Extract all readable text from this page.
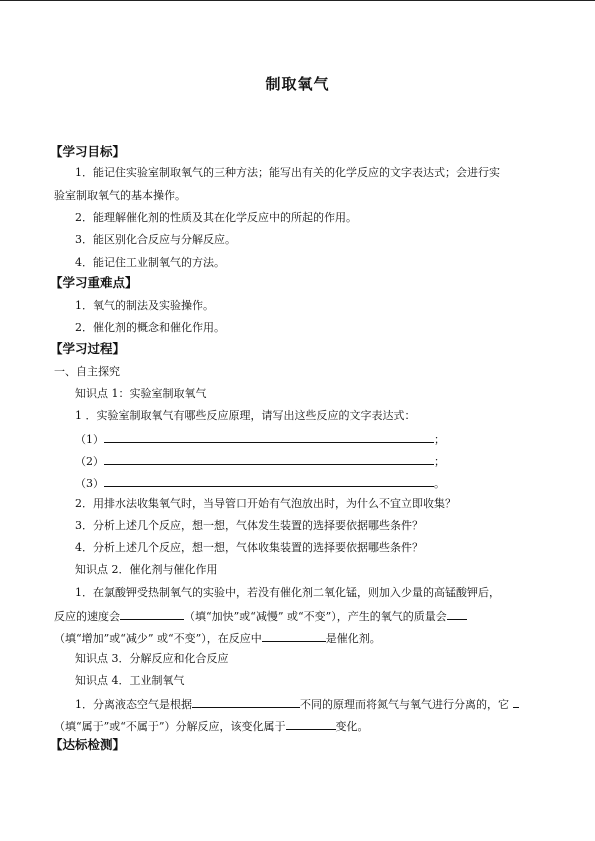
制取氧气
【学习目标】
1．能记住实验室制取氧气的三种方法；能写出有关的化学反应的文字表达式；会进行实
验室制取氧气的基本操作。
2．能理解催化剂的性质及其在化学反应中的所起的作用。
3．能区别化合反应与分解反应。
4．能记住工业制氧气的方法。
【学习重难点】
1．氧气的制法及实验操作。
2．催化剂的概念和催化作用。
【学习过程】
一、自主探究
知识点 1：实验室制取氧气
1 ．实验室制取氧气有哪些反应原理，请写出这些反应的文字表达式：
（1）	；
（2）	；
（3）	。
2．用排水法收集氧气时，当导管口开始有气泡放出时，为什么不宜立即收集？
3．分析上述几个反应，想一想，气体发生装置的选择要依据哪些条件？
4．分析上述几个反应，想一想，气体收集装置的选择要依据哪些条件？
知识点 2．催化剂与催化作用
1．在氯酸钾受热制氧气的实验中，若没有催化剂二氧化锰，则加入少量的高锰酸钾后，
反应的速度会	（填“加快”或“减慢” 或“不变”），产生的氧气的质量会
（填“增加”或“减少” 或“不变”），在反应中	是催化剂。
知识点 3．分解反应和化合反应
知识点 4．工业制氧气
1．分离液态空气是根据	不同的原理而将氮气与氧气进行分离的，它
（填“属于”或“不属于”）分解反应，该变化属于	变化。
【达标检测】
